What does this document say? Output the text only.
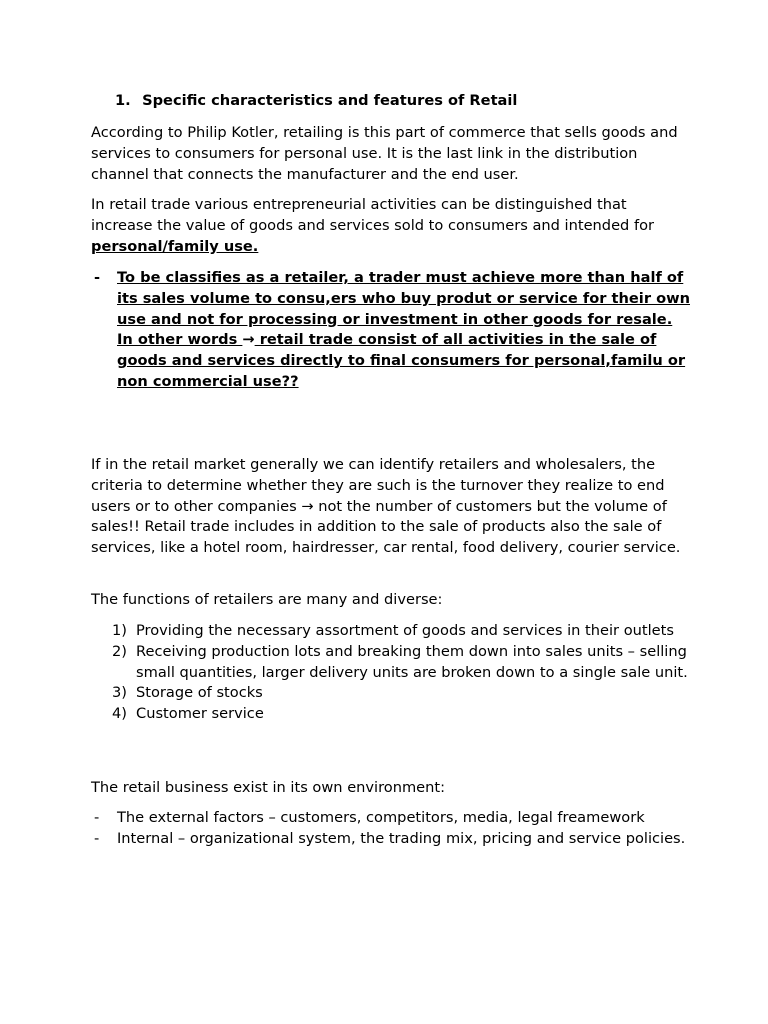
1. Specific characteristics and features of Retail

According to Philip Kotler, retailing is this part of commerce that sells goods and services to consumers for personal use. It is the last link in the distribution channel that connects the manufacturer and the end user.

In retail trade various entrepreneurial activities can be distinguished that increase the value of goods and services sold to consumers and intended for personal/family use.

- To be classifies as a retailer, a trader must achieve more than half of its sales volume to consu,ers who buy produt or service for their own use and not for processing or investment in other goods for resale.
In other words → retail trade consist of all activities in the sale of goods and services directly to final consumers for personal,familu or non commercial use??

If in the retail market generally we can identify retailers and wholesalers, the criteria to determine whether they are such is the turnover they realize to end users or to other companies → not the number of customers but the volume of sales!! Retail trade includes in addition to the sale of products also the sale of services, like a hotel room, hairdresser, car rental, food delivery, courier service.

The functions of retailers are many and diverse:

1) Providing the necessary assortment of goods and services in their outlets
2) Receiving production lots and breaking them down into sales units – selling small quantities, larger delivery units are broken down to a single sale unit.
3) Storage of stocks
4) Customer service

The retail business exist in its own environment:

- The external factors – customers, competitors, media, legal freamework
- Internal – organizational system, the trading mix, pricing and service policies.
